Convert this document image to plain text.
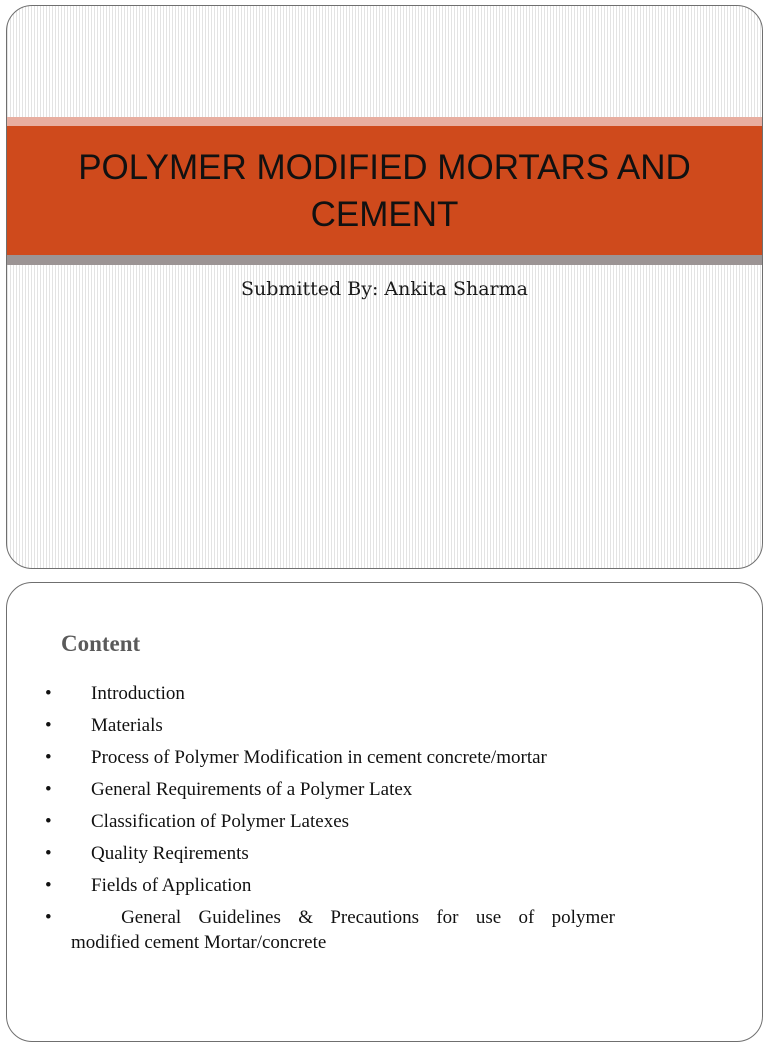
POLYMER MODIFIED MORTARS AND CEMENT
Submitted By: Ankita Sharma
Content
• Introduction
• Materials
• Process of Polymer Modification in cement concrete/mortar
• General Requirements of a Polymer Latex
• Classification of Polymer Latexes
• Quality Reqirements
• Fields of Application
•	General Guidelines & Precautions for use of polymer
modified cement Mortar/concrete
